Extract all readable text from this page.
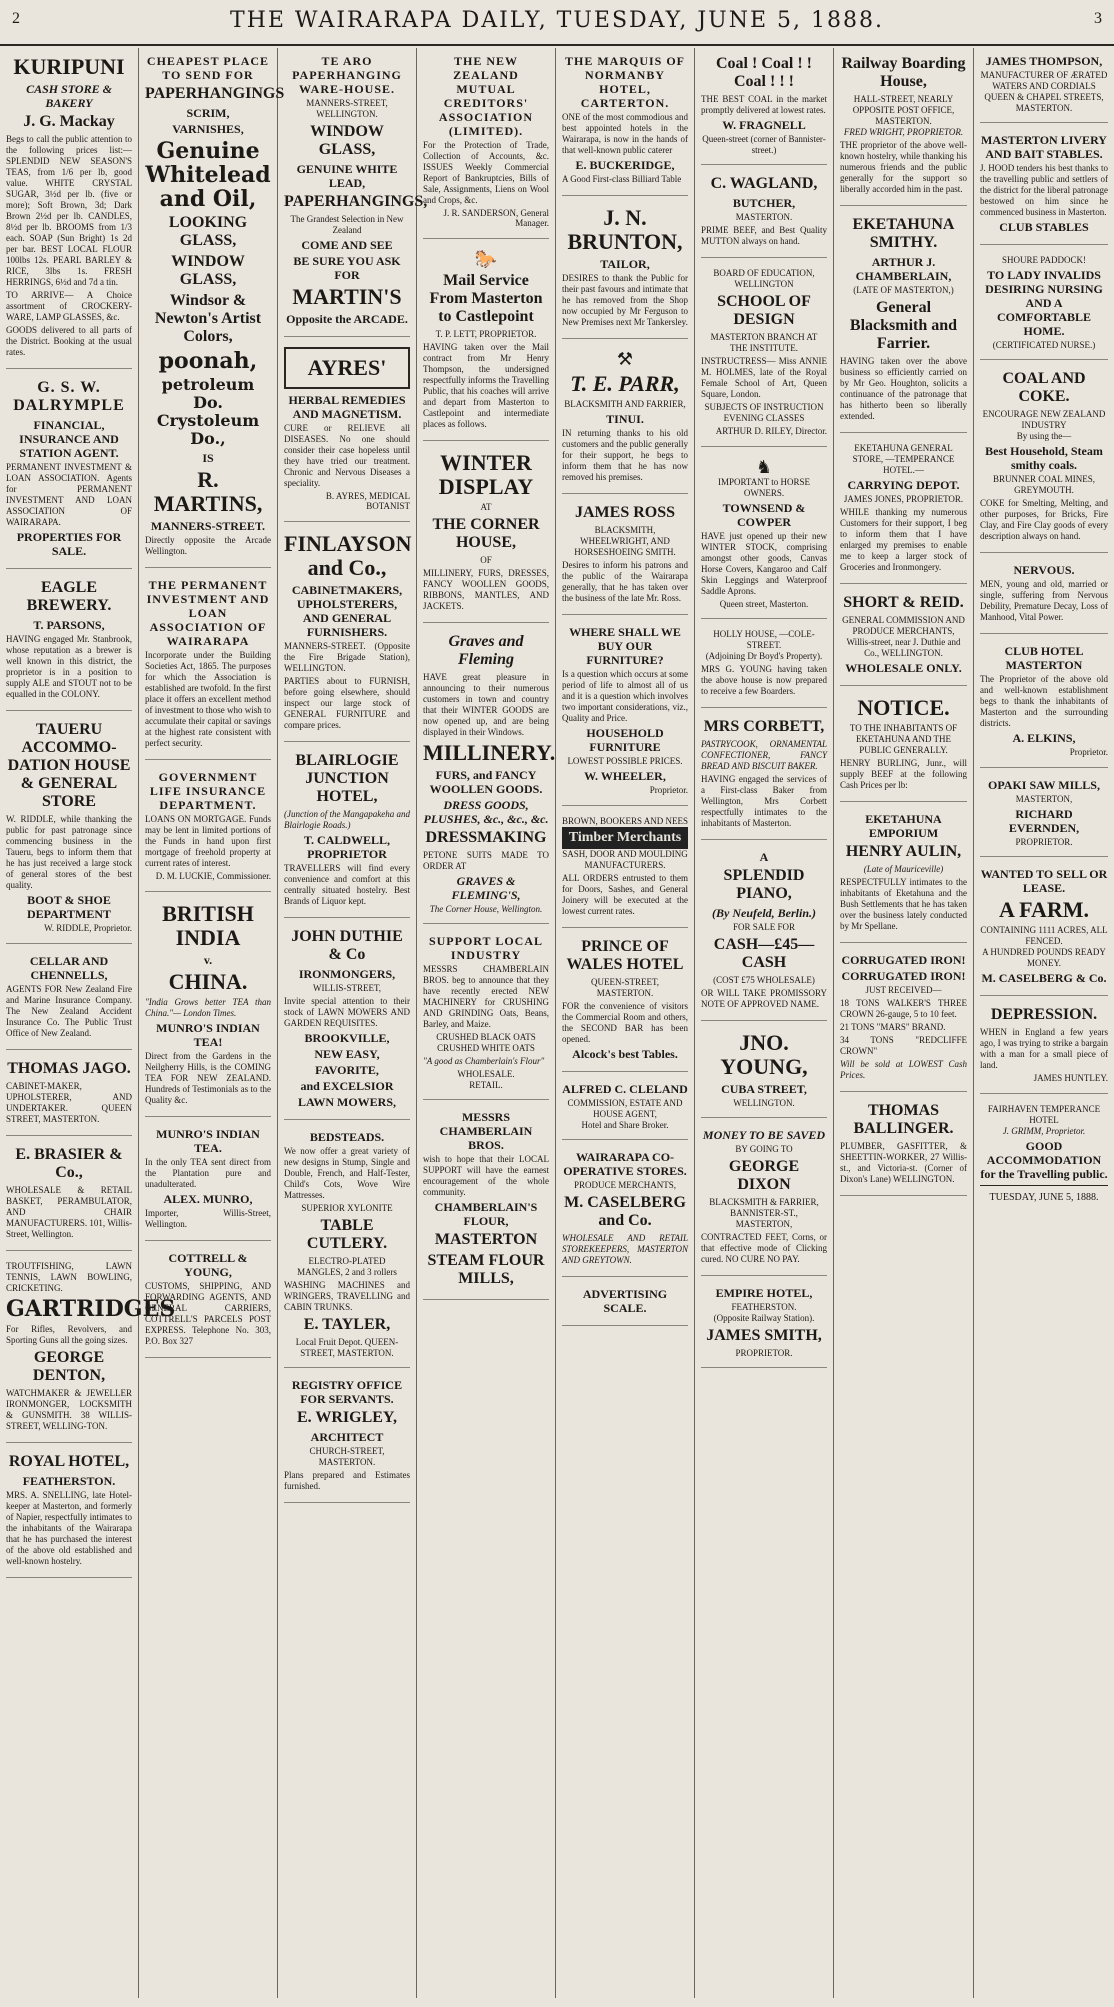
2	THE WAIRARAPA DAILY, TUESDAY, JUNE 5, 1888.	3
KURIPUNI
CASH STORE & BAKERY
J. G. Mackay

Begs to call the public attention to the following prices list:— SPLENDID NEW SEASON'S TEAS, from 1/6 per lb, good value. WHITE CRYSTAL SUGAR, 3½d per lb. (five or more); Soft Brown, 3d; Dark Brown 2½d per lb. CANDLES, 8½d per lb. BROOMS from 1/3 each. SOAP (Sun Bright) 1s 2d per bar. BEST LOCAL FLOUR 100lbs 12s. PEARL BARLEY & RICE, 3lbs 1s. FRESH HERRINGS, 6½d and 7d a tin.

TO ARRIVE— A Choice assortment of CROCKERY-WARE, LAMP GLASSES, &c.

GOODS delivered to all parts of the District. Booking at the usual rates.

G. S. W. DALRYMPLE
FINANCIAL, INSURANCE AND STATION AGENT.

PERMANENT INVESTMENT & LOAN ASSOCIATION. Agents for PERMANENT INVESTMENT AND LOAN ASSOCIATION OF WAIRARAPA.

PROPERTIES FOR SALE.
EAGLE BREWERY.
T. PARSONS,

HAVING engaged Mr. Stanbrook, whose reputation as a brewer is well known in this district, the proprietor is in a position to supply ALE and STOUT not to be equalled in the COLONY.

TAUERU ACCOMMO-DATION HOUSE & GENERAL STORE

W. RIDDLE, while thanking the public for past patronage since commencing business in the Taueru, begs to inform them that he has just received a large stock of general stores of the best quality.

BOOT & SHOE DEPARTMENT
W. RIDDLE, Proprietor.
CELLAR AND CHENNELLS,

AGENTS FOR New Zealand Fire and Marine Insurance Company. The New Zealand Accident Insurance Co. The Public Trust Office of New Zealand.

THOMAS JAGO.

CABINET-MAKER, UPHOLSTERER, AND UNDERTAKER. QUEEN STREET, MASTERTON.

E. BRASIER & Co.,

WHOLESALE & RETAIL BASKET, PERAMBULATOR, AND CHAIR MANUFACTURERS. 101, Willis-Street, Wellington.

TROUTFISHING, LAWN TENNIS, LAWN BOWLING, CRICKETING.

GARTRIDGES

For Rifles, Revolvers, and Sporting Guns all the going sizes.

GEORGE DENTON,

WATCHMAKER & JEWELLER IRONMONGER, LOCKSMITH & GUNSMITH. 38 WILLIS-STREET, WELLING-TON.

ROYAL HOTEL,
FEATHERSTON.

MRS. A. SNELLING, late Hotel-keeper at Masterton, and formerly of Napier, respectfully intimates to the inhabitants of the Wairarapa that he has purchased the interest of the above old established and well-known hostelry.

CHEAPEST PLACE TO SEND FOR
PAPERHANGINGS
SCRIM,
VARNISHES,
Genuine Whitelead and Oil,
LOOKING GLASS,
WINDOW GLASS,
Windsor & Newton's Artist Colors,
poonah,
petroleum Do. Crystoleum Do.,
IS
R. MARTINS,
MANNERS-STREET.

Directly opposite the Arcade Wellington.

THE PERMANENT INVESTMENT AND LOAN ASSOCIATION OF WAIRARAPA

Incorporate under the Building Societies Act, 1865. The purposes for which the Association is established are twofold. In the first place it offers an excellent method of investment to those who wish to accumulate their capital or savings at the highest rate consistent with perfect security.

GOVERNMENT LIFE INSURANCE DEPARTMENT.

LOANS ON MORTGAGE. Funds may be lent in limited portions of the Funds in hand upon first mortgage of freehold property at current rates of interest.

D. M. LUCKIE, Commissioner.
BRITISH INDIA
v.
CHINA.

"India Grows better TEA than China."— London Times.

MUNRO'S INDIAN TEA!

Direct from the Gardens in the Neilgherry Hills, is the COMING TEA FOR NEW ZEALAND. Hundreds of Testimonials as to the Quality &c.

MUNRO'S INDIAN TEA.

In the only TEA sent direct from the Plantation pure and unadulterated.

ALEX. MUNRO,

Importer, Willis-Street, Wellington.

COTTRELL & YOUNG,

CUSTOMS, SHIPPING, AND FORWARDING AGENTS, AND GENERAL CARRIERS, COTTRELL'S PARCELS POST EXPRESS. Telephone No. 303, P.O. Box 327

TE ARO PAPERHANGING WARE-HOUSE.
MANNERS-STREET, WELLINGTON.
WINDOW GLASS,
GENUINE WHITE LEAD,
PAPERHANGINGS,
The Grandest Selection in New Zealand
COME AND SEE
BE SURE YOU ASK FOR
MARTIN'S
Opposite the ARCADE.
AYRES'
HERBAL REMEDIES AND MAGNETISM.

CURE or RELIEVE all DISEASES. No one should consider their case hopeless until they have tried our treatment. Chronic and Nervous Diseases a speciality.

B. AYRES, MEDICAL BOTANIST
FINLAYSON and Co.,
CABINETMAKERS, UPHOLSTERERS, AND GENERAL FURNISHERS.

MANNERS-STREET. (Opposite the Fire Brigade Station), WELLINGTON.

PARTIES about to FURNISH, before going elsewhere, should inspect our large stock of GENERAL FURNITURE and compare prices.

BLAIRLOGIE JUNCTION HOTEL,

(Junction of the Mangapakeha and Blairlogie Roads.)

T. CALDWELL, PROPRIETOR

TRAVELLERS will find every convenience and comfort at this centrally situated hostelry. Best Brands of Liquor kept.

JOHN DUTHIE & Co
IRONMONGERS,
WILLIS-STREET,

Invite special attention to their stock of LAWN MOWERS AND GARDEN REQUISITES.

BROOKVILLE,
NEW EASY,
FAVORITE,
and EXCELSIOR
LAWN MOWERS,
BEDSTEADS.

We now offer a great variety of new designs in Stump, Single and Double, French, and Half-Tester, Child's Cots, Wove Wire Mattresses.

SUPERIOR XYLONITE
TABLE CUTLERY.
ELECTRO-PLATED
MANGLES, 2 and 3 rollers

WASHING MACHINES and WRINGERS, TRAVELLING and CABIN TRUNKS.

E. TAYLER,
Local Fruit Depot. QUEEN-STREET, MASTERTON.
REGISTRY OFFICE FOR SERVANTS.
E. WRIGLEY,
ARCHITECT
CHURCH-STREET, MASTERTON.

Plans prepared and Estimates furnished.

THE NEW ZEALAND MUTUAL CREDITORS' ASSOCIATION (LIMITED).

For the Protection of Trade, Collection of Accounts, &c. ISSUES Weekly Commercial Report of Bankruptcies, Bills of Sale, Assignments, Liens on Wool and Crops, &c.

J. R. SANDERSON, General Manager.
🐎
Mail Service From Masterton to Castlepoint
T. P. LETT, PROPRIETOR.

HAVING taken over the Mail contract from Mr Henry Thompson, the undersigned respectfully informs the Travelling Public, that his coaches will arrive and depart from Masterton to Castlepoint and intermediate places as follows.

WINTER DISPLAY
AT
THE CORNER HOUSE,
OF

MILLINERY, FURS, DRESSES, FANCY WOOLLEN GOODS, RIBBONS, MANTLES, AND JACKETS.

Graves and Fleming

HAVE great pleasure in announcing to their numerous customers in town and country that their WINTER GOODS are now opened up, and are being displayed in their Windows.

MILLINERY.
FURS, and FANCY WOOLLEN GOODS.
DRESS GOODS, PLUSHES, &c., &c., &c.
DRESSMAKING

PETONE SUITS MADE TO ORDER AT

GRAVES & FLEMING'S,
The Corner House, Wellington.
SUPPORT LOCAL INDUSTRY

MESSRS CHAMBERLAIN BROS. beg to announce that they have recently erected NEW MACHINERY for CRUSHING AND GRINDING Oats, Beans, Barley, and Maize.

CRUSHED BLACK OATS
CRUSHED WHITE OATS

"A good as Chamberlain's Flour"

WHOLESALE.
RETAIL.
MESSRS CHAMBERLAIN BROS.

wish to hope that their LOCAL SUPPORT will have the earnest encouragement of the whole community.

CHAMBERLAIN'S FLOUR,
MASTERTON
STEAM FLOUR MILLS,
THE MARQUIS OF NORMANBY HOTEL, CARTERTON.

ONE of the most commodious and best appointed hotels in the Wairarapa, is now in the hands of that well-known public caterer

E. BUCKERIDGE,

A Good First-class Billiard Table

J. N. BRUNTON,
TAILOR,

DESIRES to thank the Public for their past favours and intimate that he has removed from the Shop now occupied by Mr Ferguson to New Premises next Mr Tankersley.

⚒
T. E. PARR,
BLACKSMITH AND FARRIER,
TINUI.

IN returning thanks to his old customers and the public generally for their support, he begs to inform them that he has now removed his premises.

JAMES ROSS
BLACKSMITH, WHEELWRIGHT, AND HORSESHOEING SMITH.

Desires to inform his patrons and the public of the Wairarapa generally, that he has taken over the business of the late Mr. Ross.

WHERE SHALL WE BUY OUR FURNITURE?

Is a question which occurs at some period of life to almost all of us and it is a question which involves two important considerations, viz., Quality and Price.

HOUSEHOLD FURNITURE
LOWEST POSSIBLE PRICES.
W. WHEELER,
Proprietor.
BROWN, BOOKERS AND NEES
Timber Merchants
SASH, DOOR AND MOULDING MANUFACTURERS.

ALL ORDERS entrusted to them for Doors, Sashes, and General Joinery will be executed at the lowest current rates.

PRINCE OF WALES HOTEL
QUEEN-STREET, MASTERTON.

FOR the convenience of visitors the Commercial Room and others, the SECOND BAR has been opened.

Alcock's best Tables.
ALFRED C. CLELAND
COMMISSION, ESTATE AND HOUSE AGENT,
Hotel and Share Broker.
WAIRARAPA CO-OPERATIVE STORES.
PRODUCE MERCHANTS,
M. CASELBERG and Co.

WHOLESALE AND RETAIL STOREKEEPERS, MASTERTON AND GREYTOWN.

ADVERTISING SCALE.
Coal ! Coal ! ! Coal ! ! !

THE BEST COAL in the market promptly delivered at lowest rates.

W. FRAGNELL
Queen-street (corner of Bannister-street.)
C. WAGLAND,
BUTCHER,
MASTERTON.

PRIME BEEF, and Best Quality MUTTON always on hand.

BOARD OF EDUCATION, WELLINGTON
SCHOOL OF DESIGN
MASTERTON BRANCH AT THE INSTITUTE.

INSTRUCTRESS— Miss ANNIE M. HOLMES, late of the Royal Female School of Art, Queen Square, London.

SUBJECTS OF INSTRUCTION
EVENING CLASSES
ARTHUR D. RILEY, Director.
♞
IMPORTANT to HORSE OWNERS.
TOWNSEND & COWPER

HAVE just opened up their new WINTER STOCK, comprising amongst other goods, Canvas Horse Covers, Kangaroo and Calf Skin Leggings and Waterproof Saddle Aprons.

Queen street, Masterton.
HOLLY HOUSE, —COLE-STREET.
(Adjoining Dr Boyd's Property).

MRS G. YOUNG having taken the above house is now prepared to receive a few Boarders.

MRS CORBETT,

PASTRYCOOK, ORNAMENTAL CONFECTIONER, FANCY BREAD AND BISCUIT BAKER.

HAVING engaged the services of a First-class Baker from Wellington, Mrs Corbett respectfully intimates to the inhabitants of Masterton.

A
SPLENDID PIANO,
(By Neufeld, Berlin.)
FOR SALE FOR
CASH—£45—CASH
(COST £75 WHOLESALE)

OR WILL TAKE PROMISSORY NOTE OF APPROVED NAME.

JNO. YOUNG,
CUBA STREET,
WELLINGTON.
MONEY TO BE SAVED
BY GOING TO
GEORGE DIXON
BLACKSMITH & FARRIER, BANNISTER-ST., MASTERTON,

CONTRACTED FEET, Corns, or that effective mode of Clicking cured. NO CURE NO PAY.

EMPIRE HOTEL,
FEATHERSTON.
(Opposite Railway Station).
JAMES SMITH,
PROPRIETOR.
Railway Boarding House,
HALL-STREET, NEARLY OPPOSITE POST OFFICE, MASTERTON.
FRED WRIGHT, PROPRIETOR.

THE proprietor of the above well-known hostelry, while thanking his numerous friends and the public generally for the support so liberally accorded him in the past.

EKETAHUNA SMITHY.
ARTHUR J. CHAMBERLAIN,
(LATE OF MASTERTON,)
General Blacksmith and Farrier.

HAVING taken over the above business so efficiently carried on by Mr Geo. Houghton, solicits a continuance of the patronage that has hitherto been so liberally extended.

EKETAHUNA GENERAL STORE, —TEMPERANCE HOTEL.—
CARRYING DEPOT.
JAMES JONES, PROPRIETOR.

WHILE thanking my numerous Customers for their support, I beg to inform them that I have enlarged my premises to enable me to keep a larger stock of Groceries and Ironmongery.

SHORT & REID.
GENERAL COMMISSION AND PRODUCE MERCHANTS,
Willis-street, near J. Duthie and Co., WELLINGTON.
WHOLESALE ONLY.
NOTICE.
TO THE INHABITANTS OF EKETAHUNA AND THE PUBLIC GENERALLY.

HENRY BURLING, Junr., will supply BEEF at the following Cash Prices per lb:

EKETAHUNA EMPORIUM
HENRY AULIN,
(Late of Mauriceville)

RESPECTFULLY intimates to the inhabitants of Eketahuna and the Bush Settlements that he has taken over the business lately conducted by Mr Spellane.

CORRUGATED IRON!
CORRUGATED IRON!
JUST RECEIVED—

18 TONS WALKER'S THREE CROWN 26-gauge, 5 to 10 feet.

21 TONS "MARS" BRAND.

34 TONS "REDCLIFFE CROWN"

Will be sold at LOWEST Cash Prices.

THOMAS BALLINGER.

PLUMBER, GASFITTER, & SHEETTIN-WORKER, 27 Willis-st., and Victoria-st. (Corner of Dixon's Lane) WELLINGTON.

JAMES THOMPSON,
MANUFACTURER OF ÆRATED WATERS AND CORDIALS
QUEEN & CHAPEL STREETS, MASTERTON.
MASTERTON LIVERY AND BAIT STABLES.

J. HOOD tenders his best thanks to the travelling public and settlers of the district for the liberal patronage bestowed on him since he commenced business in Masterton.

CLUB STABLES
SHOURE PADDOCK!
TO LADY INVALIDS DESIRING NURSING AND A COMFORTABLE HOME.
(CERTIFICATED NURSE.)
COAL AND COKE.
ENCOURAGE NEW ZEALAND INDUSTRY
By using the—
Best Household, Steam smithy coals.
BRUNNER COAL MINES, GREYMOUTH.

COKE for Smelting, Melting, and other purposes, for Bricks, Fire Clay, and Fire Clay goods of every description always on hand.

NERVOUS.

MEN, young and old, married or single, suffering from Nervous Debility, Premature Decay, Loss of Manhood, Vital Power.

CLUB HOTEL MASTERTON

The Proprietor of the above old and well-known establishment begs to thank the inhabitants of Masterton and the surrounding districts.

A. ELKINS,
Proprietor.
OPAKI SAW MILLS,
MASTERTON,
RICHARD EVERNDEN,
PROPRIETOR.
WANTED TO SELL OR LEASE.
A FARM.
CONTAINING 1111 ACRES, ALL FENCED.
A HUNDRED POUNDS READY MONEY.
M. CASELBERG & Co.
DEPRESSION.

WHEN in England a few years ago, I was trying to strike a bargain with a man for a small piece of land.

JAMES HUNTLEY.
FAIRHAVEN TEMPERANCE HOTEL
J. GRIMM, Proprietor.
GOOD ACCOMMODATION for the Travelling public.
TUESDAY, JUNE 5, 1888.
